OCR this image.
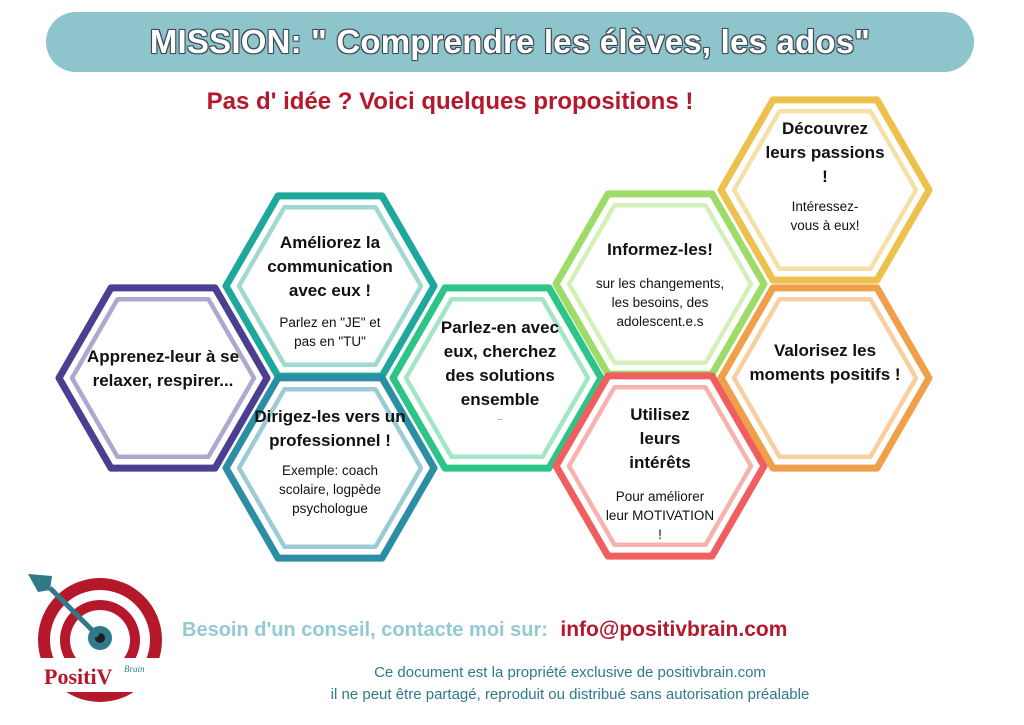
MISSION: " Comprendre les élèves, les ados"
Pas d' idée ? Voici quelques propositions !
Apprenez-leur à se relaxer, respirer...
Améliorez la communication avec eux !
Parlez en "JE" et pas en "TU"
Dirigez-les vers un professionnel !
Exemple: coach scolaire, logpède psychologue
Parlez-en avec eux, cherchez des solutions ensemble
..
Informez-les!
sur les changements, les besoins, des adolescent.e.s
Utilisez leurs intérêts
Pour améliorer leur MOTIVATION !
Découvrez leurs passions !
Intéressez-vous à eux!
Valorisez les moments positifs !
PositiV Brain
Besoin d'un conseil, contacte moi sur: info@positivbrain.com
Ce document est la propriété exclusive de positivbrain.com
il ne peut être partagé, reproduit ou distribué sans autorisation préalable
